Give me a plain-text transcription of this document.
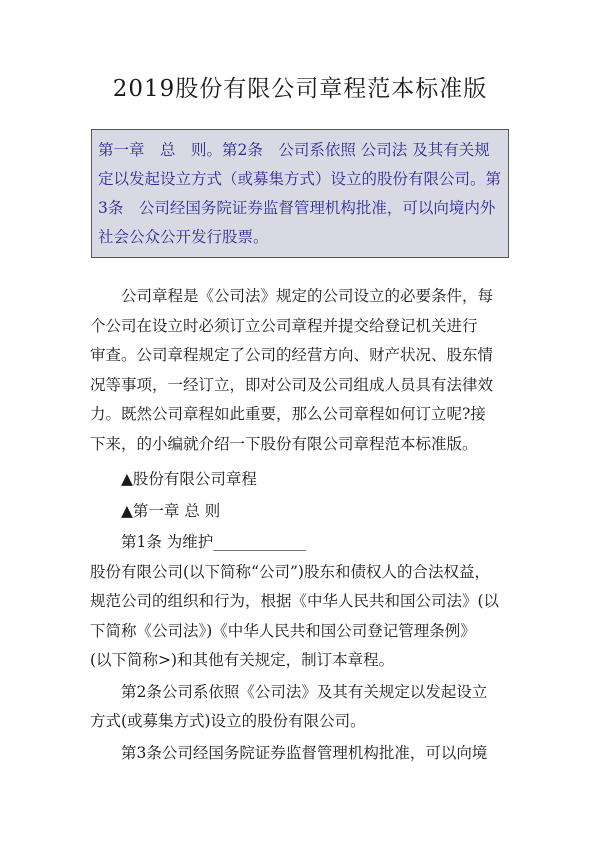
2019股份有限公司章程范本标准版
第一章　总　则。第2条　公司系依照 公司法 及其有关规
定以发起设立方式（或募集方式）设立的股份有限公司。第
3条　公司经国务院证券监督管理机构批准，可以向境内外
社会公众公开发行股票。
公司章程是《公司法》规定的公司设立的必要条件，每
个公司在设立时必须订立公司章程并提交给登记机关进行
审查。公司章程规定了公司的经营方向、财产状况、股东情
况等事项，一经订立，即对公司及公司组成人员具有法律效
力。既然公司章程如此重要，那么公司章程如何订立呢?接
下来，的小编就介绍一下股份有限公司章程范本标准版。
▲股份有限公司章程
▲第一章 总 则
第1条 为维护____________
股份有限公司(以下简称“公司”)股东和债权人的合法权益，
规范公司的组织和行为，根据《中华人民共和国公司法》(以
下简称《公司法》)《中华人民共和国公司登记管理条例》
(以下简称>)和其他有关规定，制订本章程。
第2条公司系依照《公司法》及其有关规定以发起设立
方式(或募集方式)设立的股份有限公司。
第3条公司经国务院证券监督管理机构批准，可以向境
